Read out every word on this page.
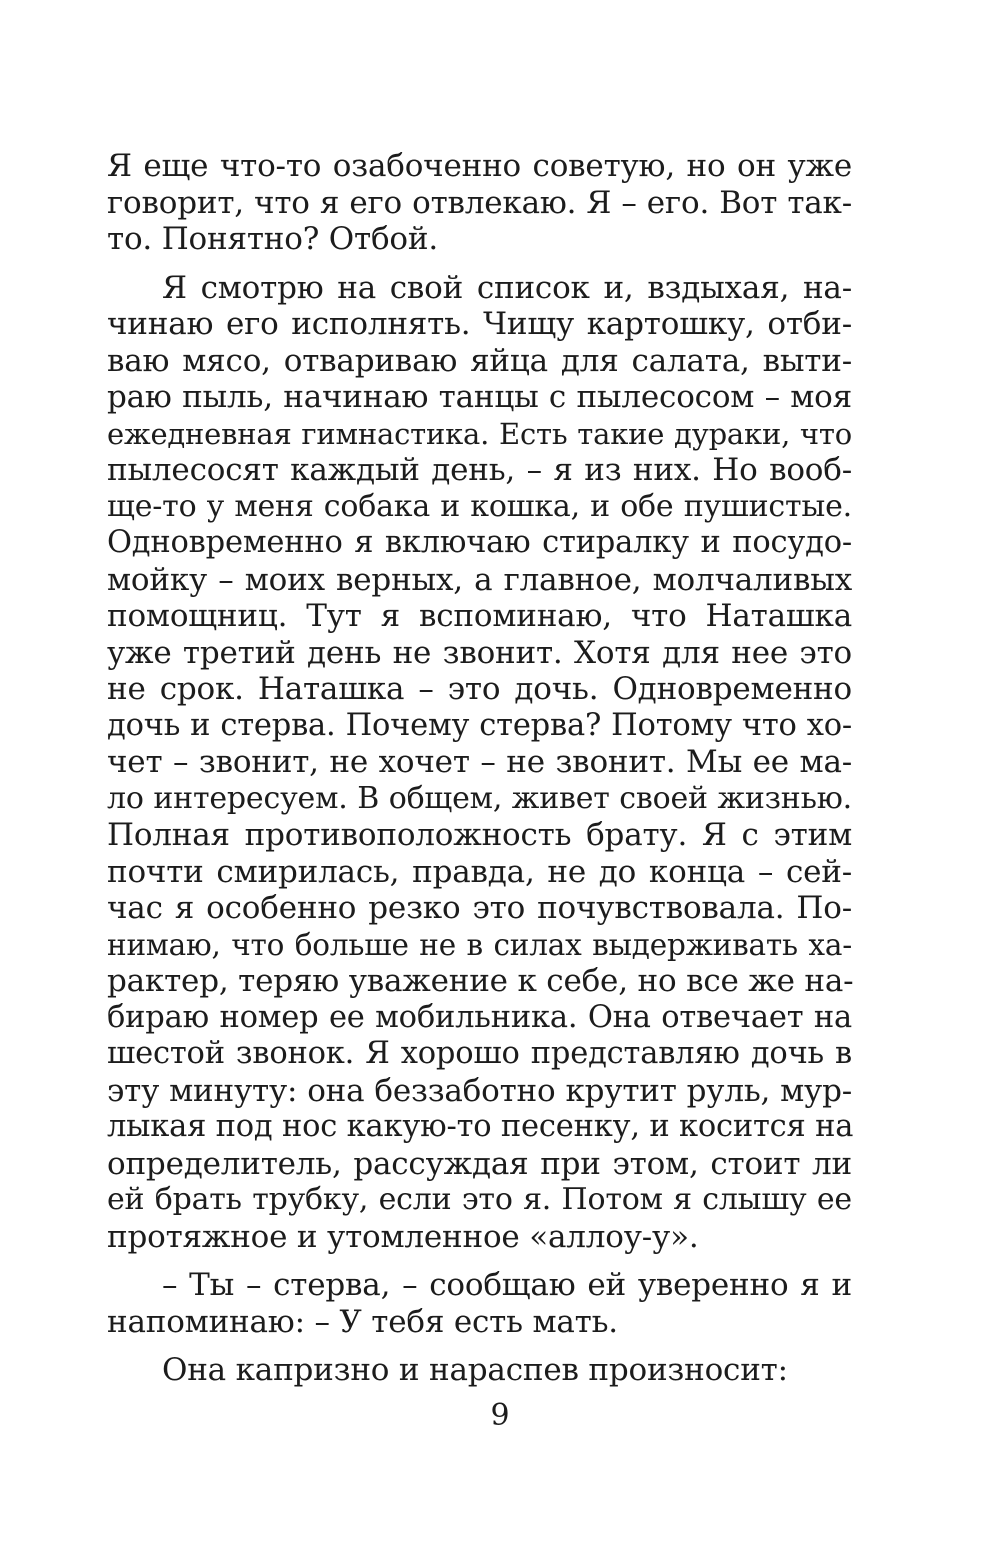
Я еще что-то озабоченно советую, но он уже
говорит, что я его отвлекаю. Я – его. Вот так-
то. Понятно? Отбой.
Я смотрю на свой список и, вздыхая, на-
чинаю его исполнять. Чищу картошку, отби-
ваю мясо, отвариваю яйца для салата, выти-
раю пыль, начинаю танцы с пылесосом – моя
ежедневная гимнастика. Есть такие дураки, что
пылесосят каждый день, – я из них. Но вооб-
ще-то у меня собака и кошка, и обе пушистые.
Одновременно я включаю стиралку и посудо-
мойку – моих верных, а главное, молчаливых
помощниц. Тут я вспоминаю, что Наташка
уже третий день не звонит. Хотя для нее это
не срок. Наташка – это дочь. Одновременно
дочь и стерва. Почему стерва? Потому что хо-
чет – звонит, не хочет – не звонит. Мы ее ма-
ло интересуем. В общем, живет своей жизнью.
Полная противоположность брату. Я с этим
почти смирилась, правда, не до конца – сей-
час я особенно резко это почувствовала. По-
нимаю, что больше не в силах выдерживать ха-
рактер, теряю уважение к себе, но все же на-
бираю номер ее мобильника. Она отвечает на
шестой звонок. Я хорошо представляю дочь в
эту минуту: она беззаботно крутит руль, мур-
лыкая под нос какую-то песенку, и косится на
определитель, рассуждая при этом, стоит ли
ей брать трубку, если это я. Потом я слышу ее
протяжное и утомленное «аллоу-у».
– Ты – стерва, – сообщаю ей уверенно я и
напоминаю: – У тебя есть мать.
Она капризно и нараспев произносит:
9
